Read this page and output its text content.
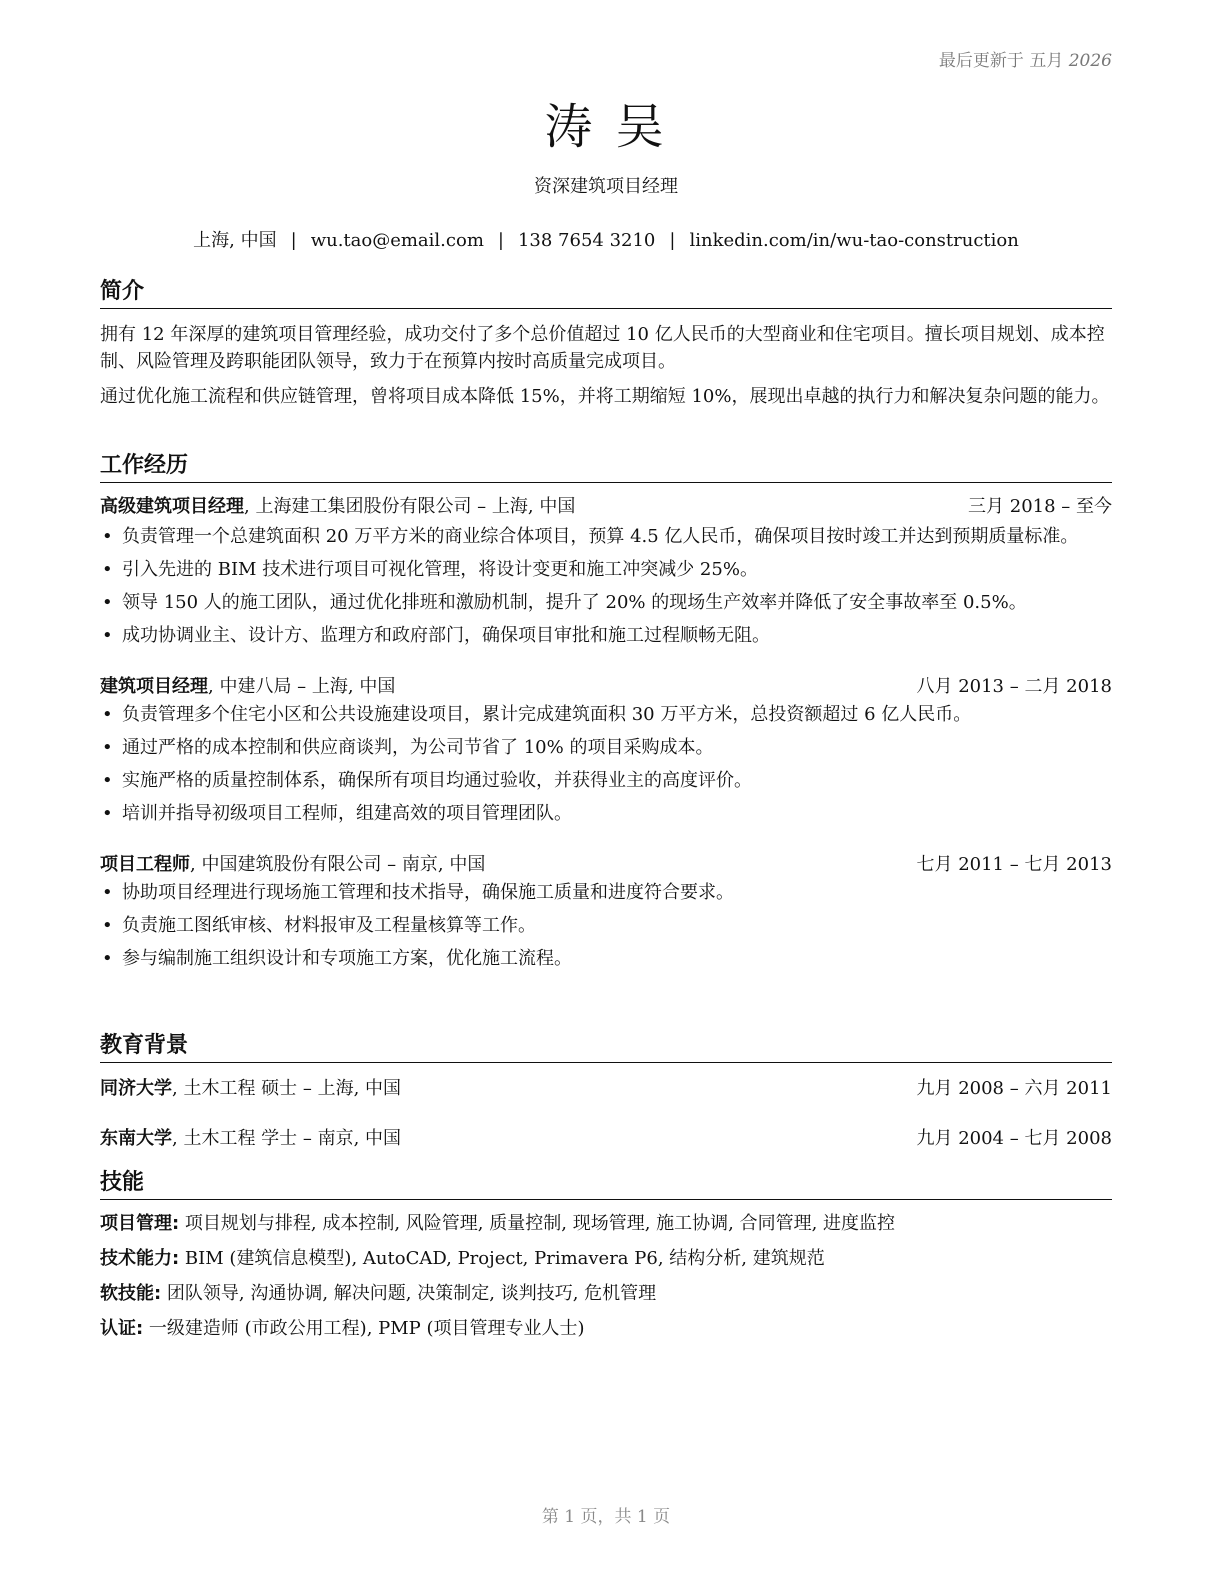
最后更新于 五月 2026
涛 吴
资深建筑项目经理
上海, 中国 | wu.tao@email.com | 138 7654 3210 | linkedin.com/in/wu-tao-construction
简介

拥有 12 年深厚的建筑项目管理经验，成功交付了多个总价值超过 10 亿人民币的大型商业和住宅项目。擅长项目规划、成本控制、风险管理及跨职能团队领导，致力于在预算内按时高质量完成项目。

通过优化施工流程和供应链管理，曾将项目成本降低 15%，并将工期缩短 10%，展现出卓越的执行力和解决复杂问题的能力。

工作经历
高级建筑项目经理, 上海建工集团股份有限公司 – 上海, 中国	三月 2018 – 至今
• 负责管理一个总建筑面积 20 万平方米的商业综合体项目，预算 4.5 亿人民币，确保项目按时竣工并达到预期质量标准。
• 引入先进的 BIM 技术进行项目可视化管理，将设计变更和施工冲突减少 25%。
• 领导 150 人的施工团队，通过优化排班和激励机制，提升了 20% 的现场生产效率并降低了安全事故率至 0.5%。
• 成功协调业主、设计方、监理方和政府部门，确保项目审批和施工过程顺畅无阻。
建筑项目经理, 中建八局 – 上海, 中国	八月 2013 – 二月 2018
• 负责管理多个住宅小区和公共设施建设项目，累计完成建筑面积 30 万平方米，总投资额超过 6 亿人民币。
• 通过严格的成本控制和供应商谈判，为公司节省了 10% 的项目采购成本。
• 实施严格的质量控制体系，确保所有项目均通过验收，并获得业主的高度评价。
• 培训并指导初级项目工程师，组建高效的项目管理团队。
项目工程师, 中国建筑股份有限公司 – 南京, 中国	七月 2011 – 七月 2013
• 协助项目经理进行现场施工管理和技术指导，确保施工质量和进度符合要求。
• 负责施工图纸审核、材料报审及工程量核算等工作。
• 参与编制施工组织设计和专项施工方案，优化施工流程。
教育背景
同济大学, 土木工程 硕士 – 上海, 中国	九月 2008 – 六月 2011
东南大学, 土木工程 学士 – 南京, 中国	九月 2004 – 七月 2008
技能
项目管理: 项目规划与排程, 成本控制, 风险管理, 质量控制, 现场管理, 施工协调, 合同管理, 进度监控
技术能力: BIM (建筑信息模型), AutoCAD, Project, Primavera P6, 结构分析, 建筑规范
软技能: 团队领导, 沟通协调, 解决问题, 决策制定, 谈判技巧, 危机管理
认证: 一级建造师 (市政公用工程), PMP (项目管理专业人士)
第 1 页，共 1 页
